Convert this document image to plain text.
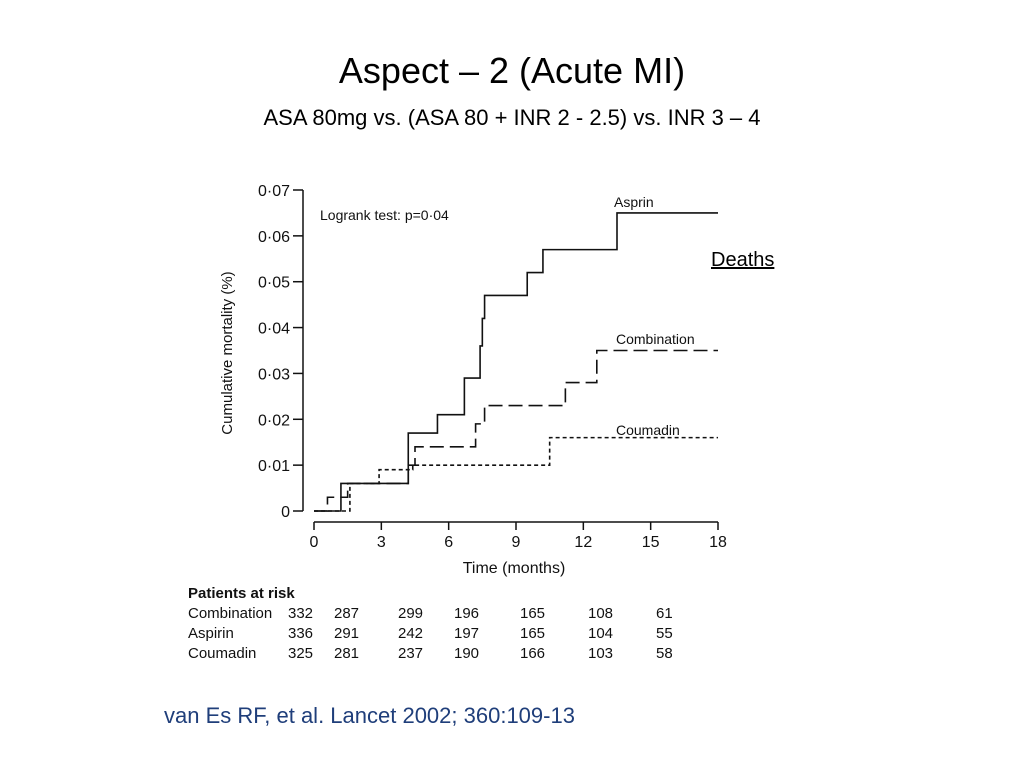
Aspect – 2 (Acute MI)
ASA 80mg vs. (ASA 80 + INR 2 - 2.5) vs. INR 3 – 4
0
0·01
0·02
0·03
0·04
0·05
0·06
0·07
0	3	6	9	12	15	18
Time (months)
Cumulative mortality (%)
Logrank test: p=0·04
Asprin
Combination
Coumadin
Deaths
Patients at risk
Combination 332 287	299 196	165	108	61
Aspirin	336 291	242 197	165	104	55
Coumadin 325 281	237 190	166	103	58
van Es RF, et al. Lancet 2002; 360:109-13
